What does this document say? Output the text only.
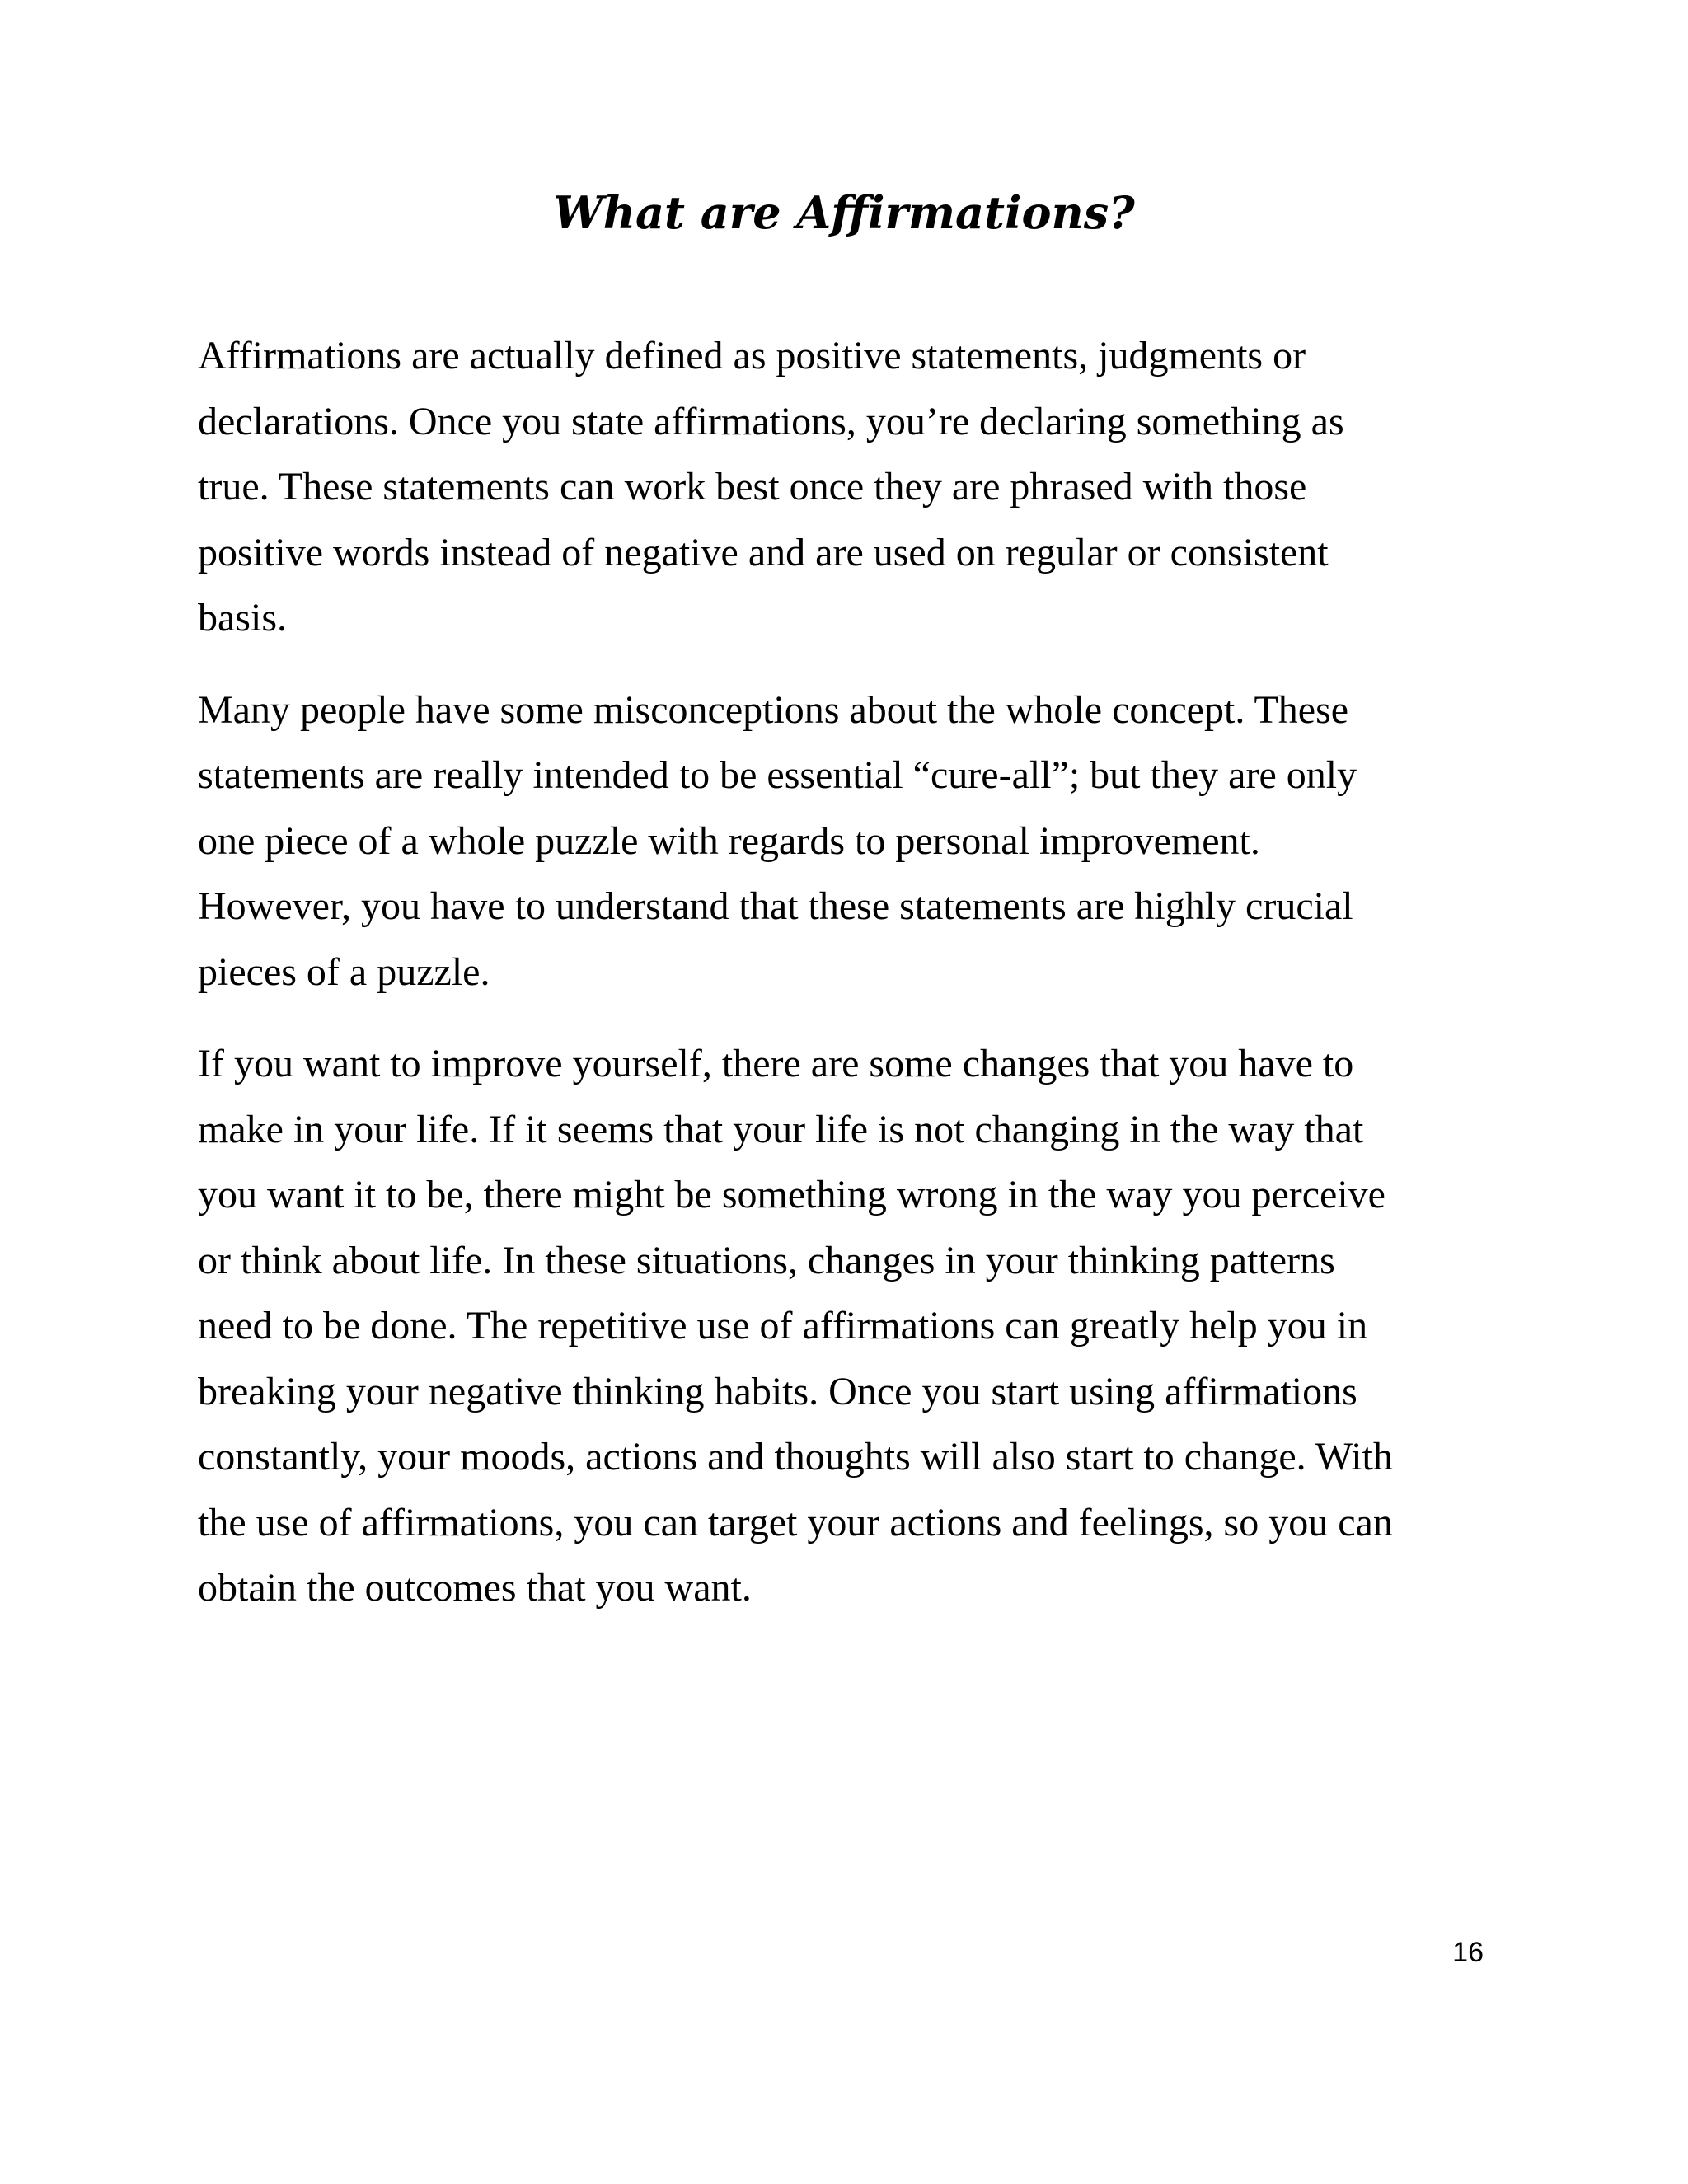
What are Affirmations?

Affirmations are actually defined as positive statements, judgments or
declarations. Once you state affirmations, you’re declaring something as
true. These statements can work best once they are phrased with those
positive words instead of negative and are used on regular or consistent
basis.

Many people have some misconceptions about the whole concept. These
statements are really intended to be essential “cure-all”; but they are only
one piece of a whole puzzle with regards to personal improvement.
However, you have to understand that these statements are highly crucial
pieces of a puzzle.

If you want to improve yourself, there are some changes that you have to
make in your life. If it seems that your life is not changing in the way that
you want it to be, there might be something wrong in the way you perceive
or think about life. In these situations, changes in your thinking patterns
need to be done. The repetitive use of affirmations can greatly help you in
breaking your negative thinking habits. Once you start using affirmations
constantly, your moods, actions and thoughts will also start to change. With
the use of affirmations, you can target your actions and feelings, so you can
obtain the outcomes that you want.

16
